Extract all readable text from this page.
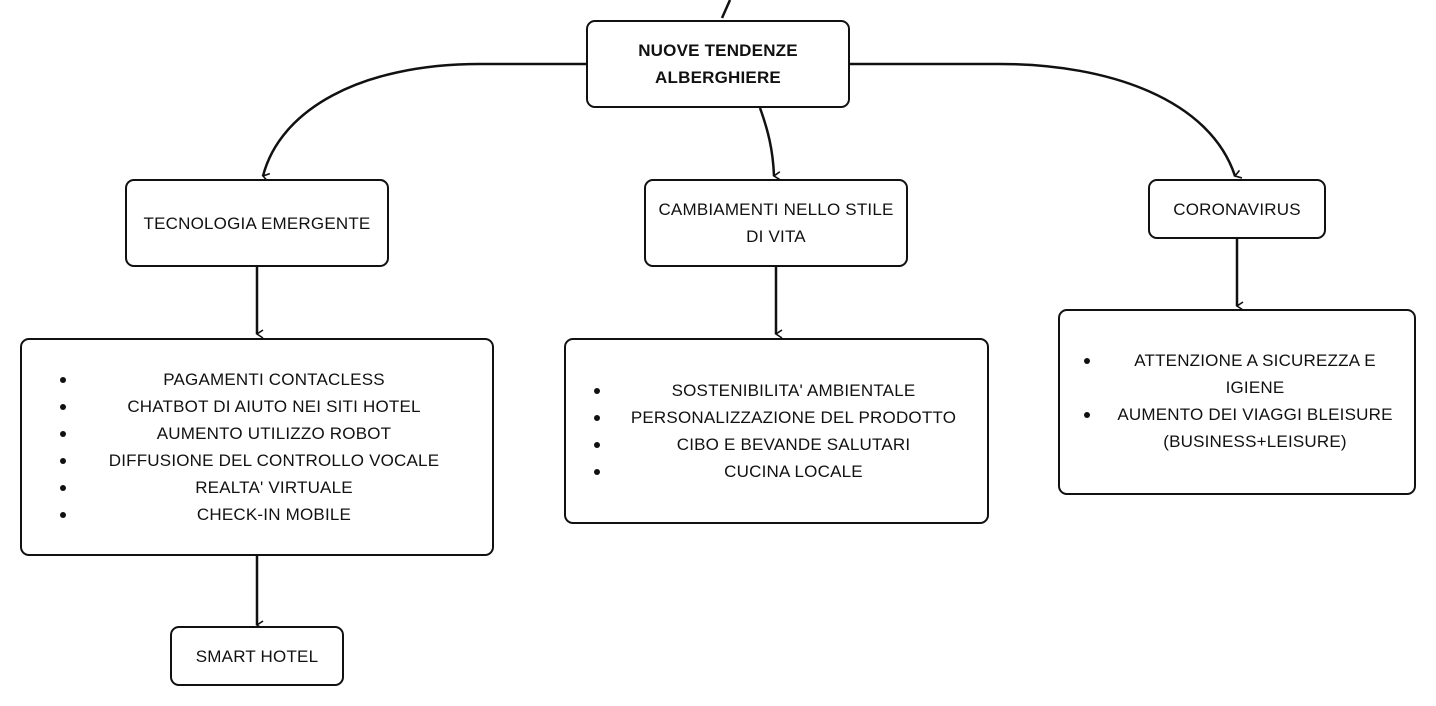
NUOVE TENDENZE
ALBERGHIERE
TECNOLOGIA EMERGENTE
PAGAMENTI CONTACLESS
CHATBOT DI AIUTO NEI SITI HOTEL
AUMENTO UTILIZZO ROBOT
DIFFUSIONE DEL CONTROLLO VOCALE
REALTA' VIRTUALE
CHECK-IN MOBILE
SMART HOTEL
CAMBIAMENTI NELLO STILE
DI VITA
SOSTENIBILITA' AMBIENTALE
PERSONALIZZAZIONE DEL PRODOTTO
CIBO E BEVANDE SALUTARI
CUCINA LOCALE
CORONAVIRUS
ATTENZIONE A SICUREZZA E
IGIENE
AUMENTO DEI VIAGGI BLEISURE
(BUSINESS+LEISURE)
